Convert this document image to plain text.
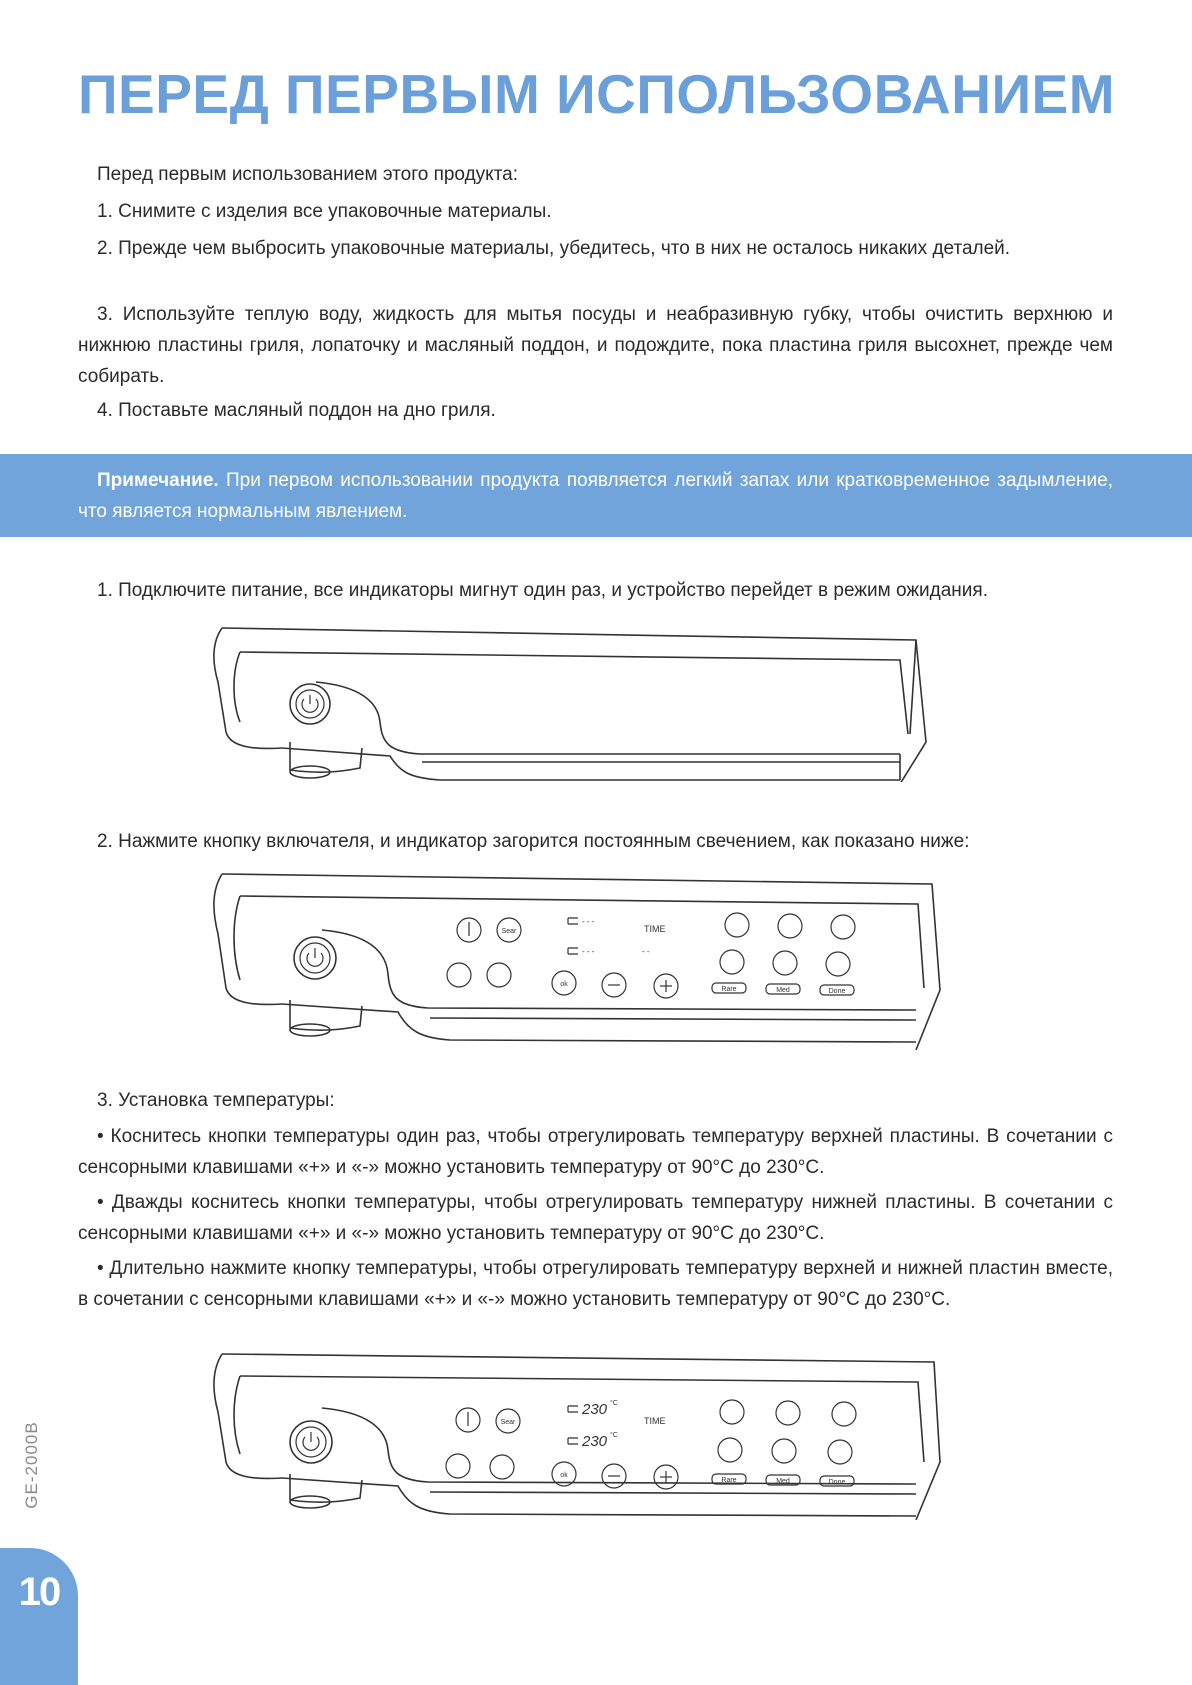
ПЕРЕД ПЕРВЫМ ИСПОЛЬЗОВАНИЕМ

Перед первым использованием этого продукта:

1. Снимите с изделия все упаковочные материалы.

2. Прежде чем выбросить упаковочные материалы, убедитесь, что в них не осталось никаких деталей.

3. Используйте теплую воду, жидкость для мытья посуды и неабразивную губку, чтобы очистить верхнюю и нижнюю пластины гриля, лопаточку и масляный поддон, и подождите, пока пластина гриля высохнет, прежде чем собирать.

4. Поставьте масляный поддон на дно гриля.

Примечание. При первом использовании продукта появляется легкий запах или кратковременное задымление, что является нормальным явлением.

1. Подключите питание, все индикаторы мигнут один раз, и устройство перейдет в режим ожидания.

2. Нажмите кнопку включателя, и индикатор загорится постоянным свечением, как показано ниже:

Sear
ok
Rare	Med	Done
TIME
- - -
- - -	- -

3. Установка температуры:

• Коснитесь кнопки температуры один раз, чтобы отрегулировать температуру верхней пластины. В сочетании с сенсорными клавишами «+» и «-» можно установить температуру от 90°C до 230°C.

• Дважды коснитесь кнопки температуры, чтобы отрегулировать температуру нижней пластины. В сочетании с сенсорными клавишами «+» и «-» можно установить температуру от 90°C до 230°C.

• Длительно нажмите кнопку температуры, чтобы отрегулировать температуру верхней и нижней пластин вместе, в сочетании с сенсорными клавишами «+» и «-» можно установить температуру от 90°C до 230°C.

Sear
ok
Rare	Med	Done
TIME
230 °C
230 °C
GE-2000B
10
